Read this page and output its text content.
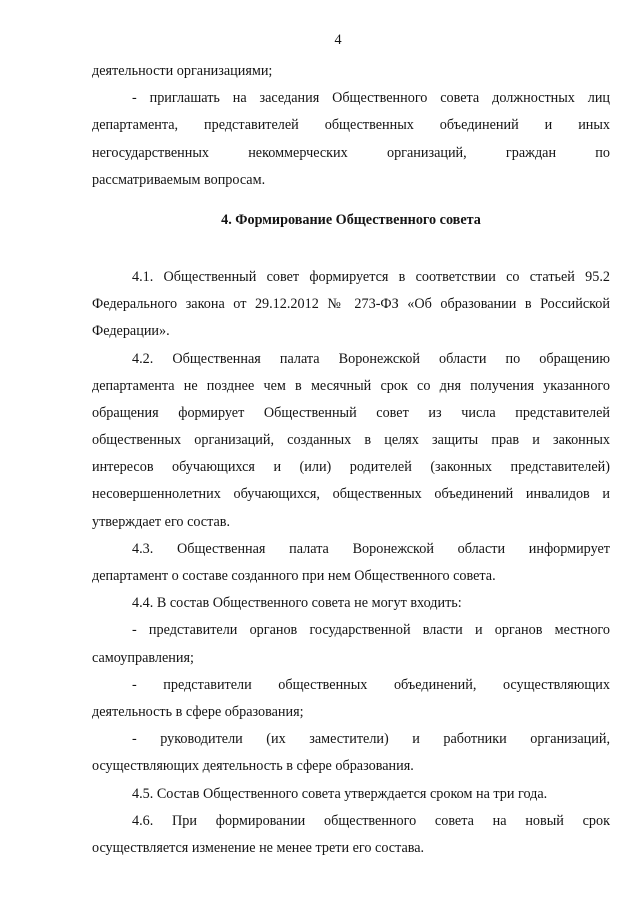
4
деятельности организациями;
- приглашать на заседания Общественного совета должностных лиц
департамента, представителей общественных объединений и иных
негосударственных некоммерческих организаций, граждан по
рассматриваемым вопросам.
4. Формирование Общественного совета
4.1. Общественный совет формируется в соответствии со статьей 95.2
Федерального закона от 29.12.2012 № 273-ФЗ «Об образовании в Российской
Федерации».
4.2. Общественная палата Воронежской области по обращению
департамента не позднее чем в месячный срок со дня получения указанного
обращения формирует Общественный совет из числа представителей
общественных организаций, созданных в целях защиты прав и законных
интересов обучающихся и (или) родителей (законных представителей)
несовершеннолетних обучающихся, общественных объединений инвалидов и
утверждает его состав.
4.3. Общественная палата Воронежской области информирует
департамент о составе созданного при нем Общественного совета.
4.4. В состав Общественного совета не могут входить:
- представители органов государственной власти и органов местного
самоуправления;
- представители общественных объединений, осуществляющих
деятельность в сфере образования;
- руководители (их заместители) и работники организаций,
осуществляющих деятельность в сфере образования.
4.5. Состав Общественного совета утверждается сроком на три года.
4.6. При формировании общественного совета на новый срок
осуществляется изменение не менее трети его состава.
